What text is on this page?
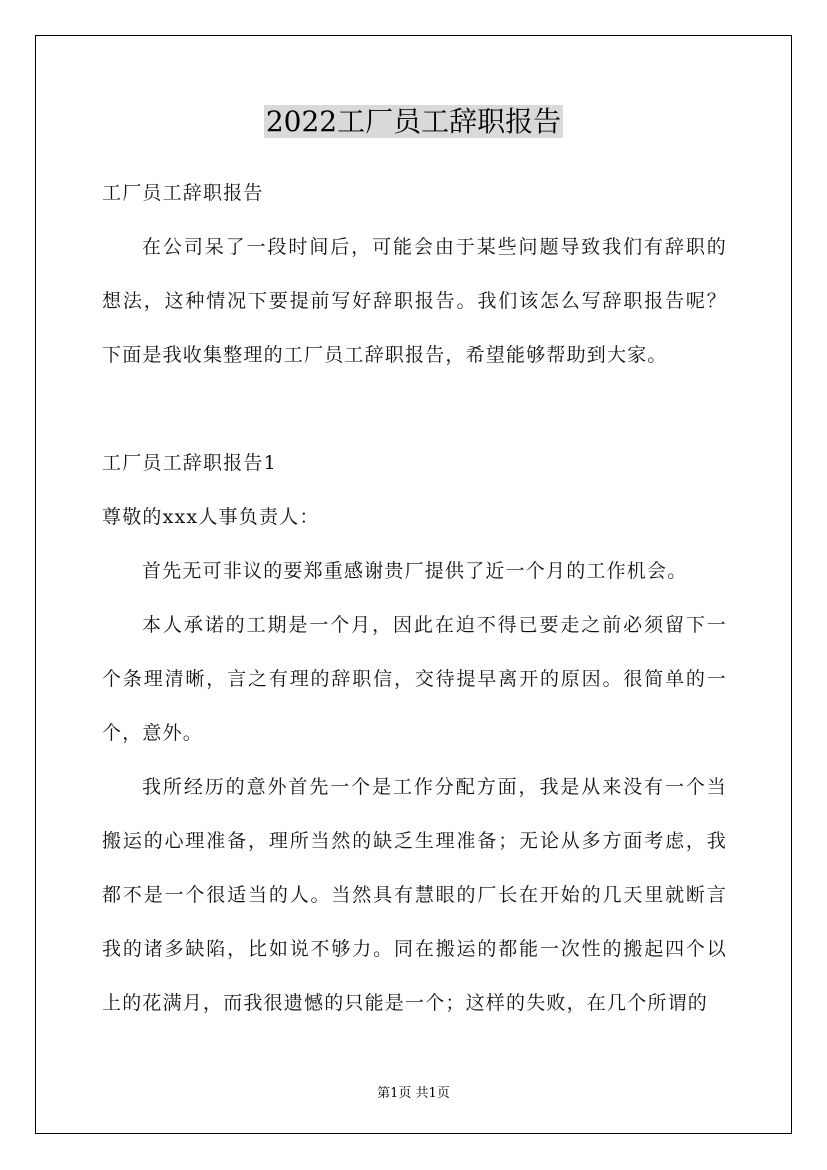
2022工厂员工辞职报告

工厂员工辞职报告

在公司呆了一段时间后，可能会由于某些问题导致我们有辞职的想法，这种情况下要提前写好辞职报告。我们该怎么写辞职报告呢？下面是我收集整理的工厂员工辞职报告，希望能够帮助到大家。

工厂员工辞职报告1

尊敬的xxx人事负责人：

首先无可非议的要郑重感谢贵厂提供了近一个月的工作机会。

本人承诺的工期是一个月，因此在迫不得已要走之前必须留下一个条理清晰，言之有理的辞职信，交待提早离开的原因。很简单的一个，意外。

我所经历的意外首先一个是工作分配方面，我是从来没有一个当搬运的心理准备，理所当然的缺乏生理准备；无论从多方面考虑，我都不是一个很适当的人。当然具有慧眼的厂长在开始的几天里就断言我的诸多缺陷，比如说不够力。同在搬运的都能一次性的搬起四个以上的花满月，而我很遗憾的只能是一个；这样的失败，在几个所谓的

第1页 共1页
